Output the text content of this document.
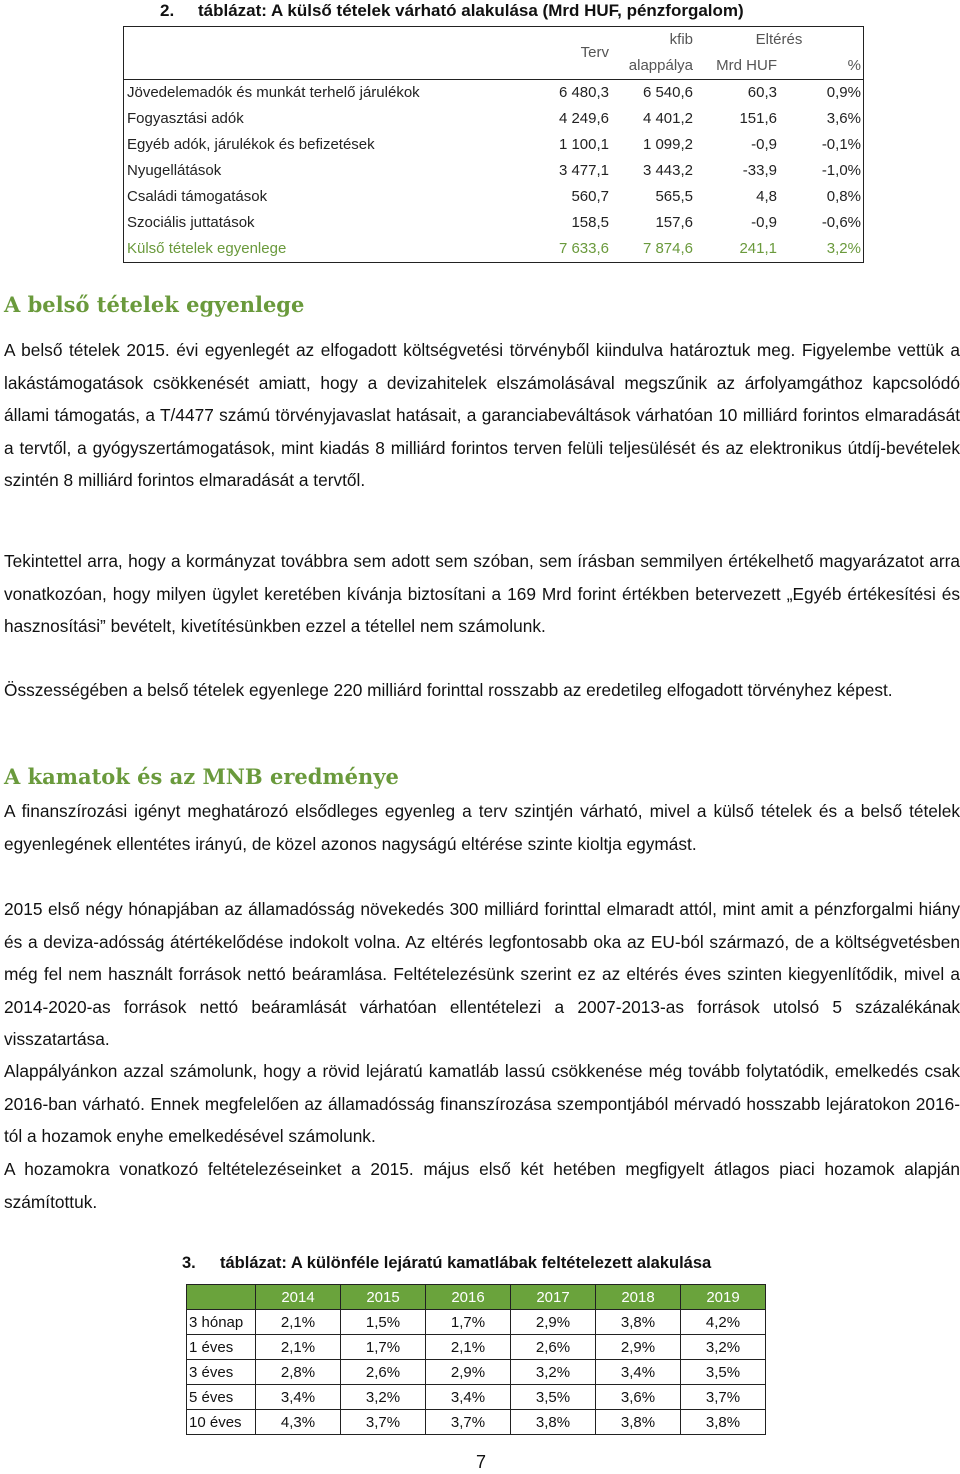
2. táblázat: A külső tételek várható alakulása (Mrd HUF, pénzforgalom)
	Terv	kfib	Eltérés	
		alappálya	Mrd HUF	%
Jövedelemadók és munkát terhelő járulékok	6 480,3	6 540,6	60,3	0,9%
Fogyasztási adók	4 249,6	4 401,2	151,6	3,6%
Egyéb adók, járulékok és befizetések	1 100,1	1 099,2	-0,9	-0,1%
Nyugellátások	3 477,1	3 443,2	-33,9	-1,0%
Családi támogatások	560,7	565,5	4,8	0,8%
Szociális juttatások	158,5	157,6	-0,9	-0,6%
Külső tételek egyenlege	7 633,6	7 874,6	241,1	3,2%
A belső tételek egyenlege
A belső tételek 2015. évi egyenlegét az elfogadott költségvetési törvényből kiindulva határoztuk meg. Figyelembe vettük a lakástámogatások csökkenését amiatt, hogy a devizahitelek elszámolásával megszűnik az árfolyamgáthoz kapcsolódó állami támogatás, a T/4477 számú törvényjavaslat hatásait, a garanciabeváltások várhatóan 10 milliárd forintos elmaradását a tervtől, a gyógyszertámogatások, mint kiadás 8 milliárd forintos terven felüli teljesülését és az elektronikus útdíj-bevételek szintén 8 milliárd forintos elmaradását a tervtől.
Tekintettel arra, hogy a kormányzat továbbra sem adott sem szóban, sem írásban semmilyen értékelhető magyarázatot arra vonatkozóan, hogy milyen ügylet keretében kívánja biztosítani a 169 Mrd forint értékben betervezett „Egyéb értékesítési és hasznosítási” bevételt, kivetítésünkben ezzel a tétellel nem számolunk.
Összességében a belső tételek egyenlege 220 milliárd forinttal rosszabb az eredetileg elfogadott törvényhez képest.
A kamatok és az MNB eredménye
A finanszírozási igényt meghatározó elsődleges egyenleg a terv szintjén várható, mivel a külső tételek és a belső tételek egyenlegének ellentétes irányú, de közel azonos nagyságú eltérése szinte kioltja egymást.
2015 első négy hónapjában az államadósság növekedés 300 milliárd forinttal elmaradt attól, mint amit a pénzforgalmi hiány és a deviza-adósság átértékelődése indokolt volna. Az eltérés legfontosabb oka az EU-ból származó, de a költségvetésben még fel nem használt források nettó beáramlása. Feltételezésünk szerint ez az eltérés éves szinten kiegyenlítődik, mivel a 2014-2020-as források nettó beáramlását várhatóan ellentételezi a 2007-2013-as források utolsó 5 százalékának visszatartása.
Alappályánkon azzal számolunk, hogy a rövid lejáratú kamatláb lassú csökkenése még tovább folytatódik, emelkedés csak 2016-ban várható. Ennek megfelelően az államadósság finanszírozása szempontjából mérvadó hosszabb lejáratokon 2016-tól a hozamok enyhe emelkedésével számolunk.
A hozamokra vonatkozó feltételezéseinket a 2015. május első két hetében megfigyelt átlagos piaci hozamok alapján számítottuk.
3. táblázat: A különféle lejáratú kamatlábak feltételezett alakulása
	2014	2015	2016	2017	2018	2019
3 hónap	2,1%	1,5%	1,7%	2,9%	3,8%	4,2%
1 éves	2,1%	1,7%	2,1%	2,6%	2,9%	3,2%
3 éves	2,8%	2,6%	2,9%	3,2%	3,4%	3,5%
5 éves	3,4%	3,2%	3,4%	3,5%	3,6%	3,7%
10 éves	4,3%	3,7%	3,7%	3,8%	3,8%	3,8%
7
